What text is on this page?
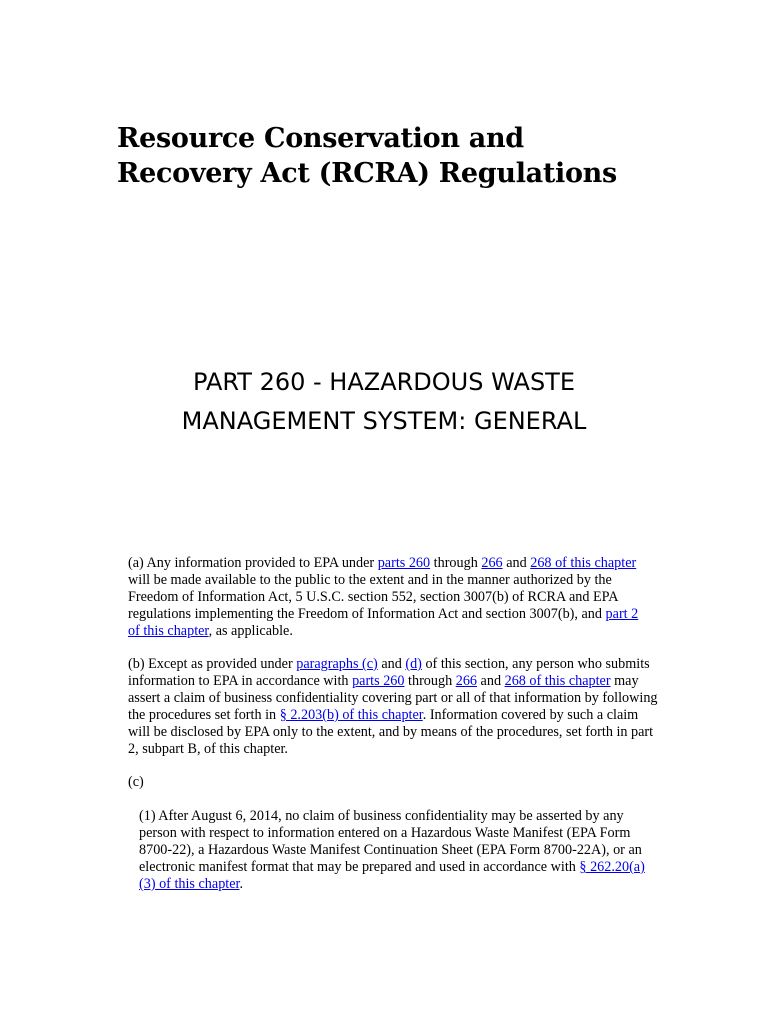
Resource Conservation and Recovery Act (RCRA) Regulations
PART 260 - HAZARDOUS WASTE
MANAGEMENT SYSTEM: GENERAL

(a) Any information provided to EPA under parts 260 through 266 and 268 of this chapter will be made available to the public to the extent and in the manner authorized by the Freedom of Information Act, 5 U.S.C. section 552, section 3007(b) of RCRA and EPA regulations implementing the Freedom of Information Act and section 3007(b), and part 2 of this chapter, as applicable.

(b) Except as provided under paragraphs (c) and (d) of this section, any person who submits information to EPA in accordance with parts 260 through 266 and 268 of this chapter may assert a claim of business confidentiality covering part or all of that information by following the procedures set forth in § 2.203(b) of this chapter. Information covered by such a claim will be disclosed by EPA only to the extent, and by means of the procedures, set forth in part 2, subpart B, of this chapter.

(c)

(1) After August 6, 2014, no claim of business confidentiality may be asserted by any person with respect to information entered on a Hazardous Waste Manifest (EPA Form 8700-22), a Hazardous Waste Manifest Continuation Sheet (EPA Form 8700-22A), or an electronic manifest format that may be prepared and used in accordance with § 262.20(a)(3) of this chapter.
